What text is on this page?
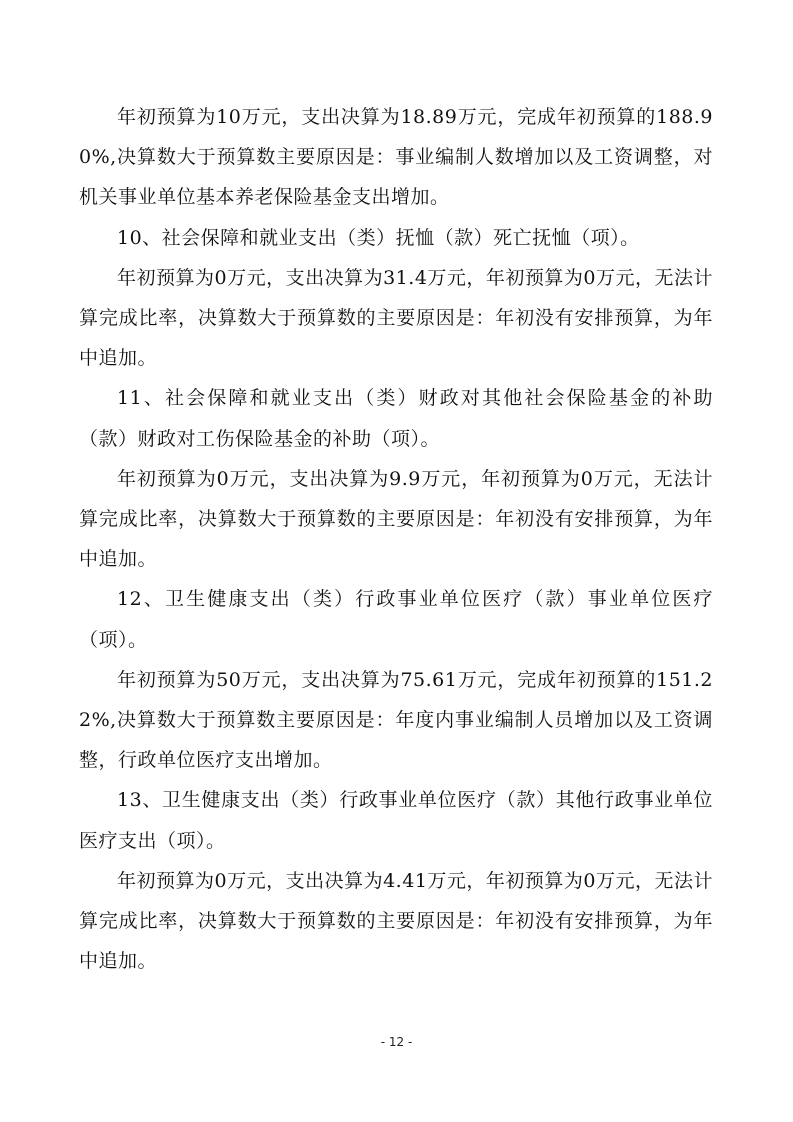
年初预算为10万元，支出决算为18.89万元，完成年初预算的188.90%,决算数大于预算数主要原因是：事业编制人数增加以及工资调整，对机关事业单位基本养老保险基金支出增加。

10、社会保障和就业支出（类）抚恤（款）死亡抚恤（项）。

年初预算为0万元，支出决算为31.4万元，年初预算为0万元，无法计算完成比率，决算数大于预算数的主要原因是：年初没有安排预算，为年中追加。

11、社会保障和就业支出（类）财政对其他社会保险基金的补助（款）财政对工伤保险基金的补助（项）。

年初预算为0万元，支出决算为9.9万元，年初预算为0万元，无法计算完成比率，决算数大于预算数的主要原因是：年初没有安排预算，为年中追加。

12、卫生健康支出（类）行政事业单位医疗（款）事业单位医疗（项）。

年初预算为50万元，支出决算为75.61万元，完成年初预算的151.22%,决算数大于预算数主要原因是：年度内事业编制人员增加以及工资调整，行政单位医疗支出增加。

13、卫生健康支出（类）行政事业单位医疗（款）其他行政事业单位医疗支出（项）。

年初预算为0万元，支出决算为4.41万元，年初预算为0万元，无法计算完成比率，决算数大于预算数的主要原因是：年初没有安排预算，为年中追加。

- 12 -
